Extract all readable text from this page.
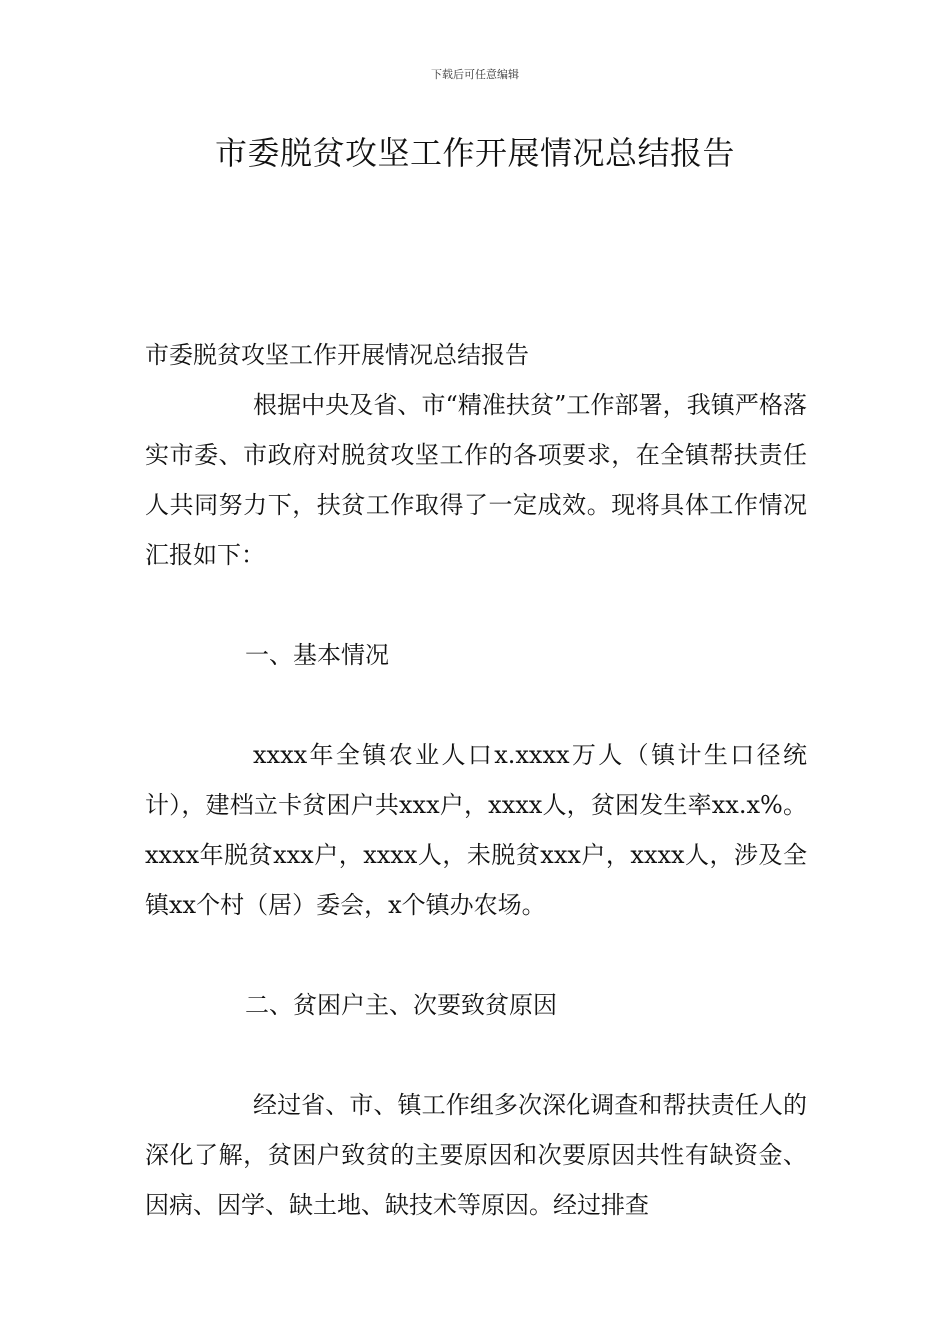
下载后可任意编辑
市委脱贫攻坚工作开展情况总结报告

市委脱贫攻坚工作开展情况总结报告

根据中央及省、市“精准扶贫”工作部署，我镇严格落实市委、市政府对脱贫攻坚工作的各项要求，在全镇帮扶责任人共同努力下，扶贫工作取得了一定成效。现将具体工作情况汇报如下：

一、基本情况

xxxx年全镇农业人口x.xxxx万人（镇计生口径统计），建档立卡贫困户共xxx户，xxxx人，贫困发生率xx.x%。xxxx年脱贫xxx户，xxxx人，未脱贫xxx户，xxxx人，涉及全镇xx个村（居）委会，x个镇办农场。

二、贫困户主、次要致贫原因

经过省、市、镇工作组多次深化调查和帮扶责任人的深化了解，贫困户致贫的主要原因和次要原因共性有缺资金、因病、因学、缺土地、缺技术等原因。经过排查
